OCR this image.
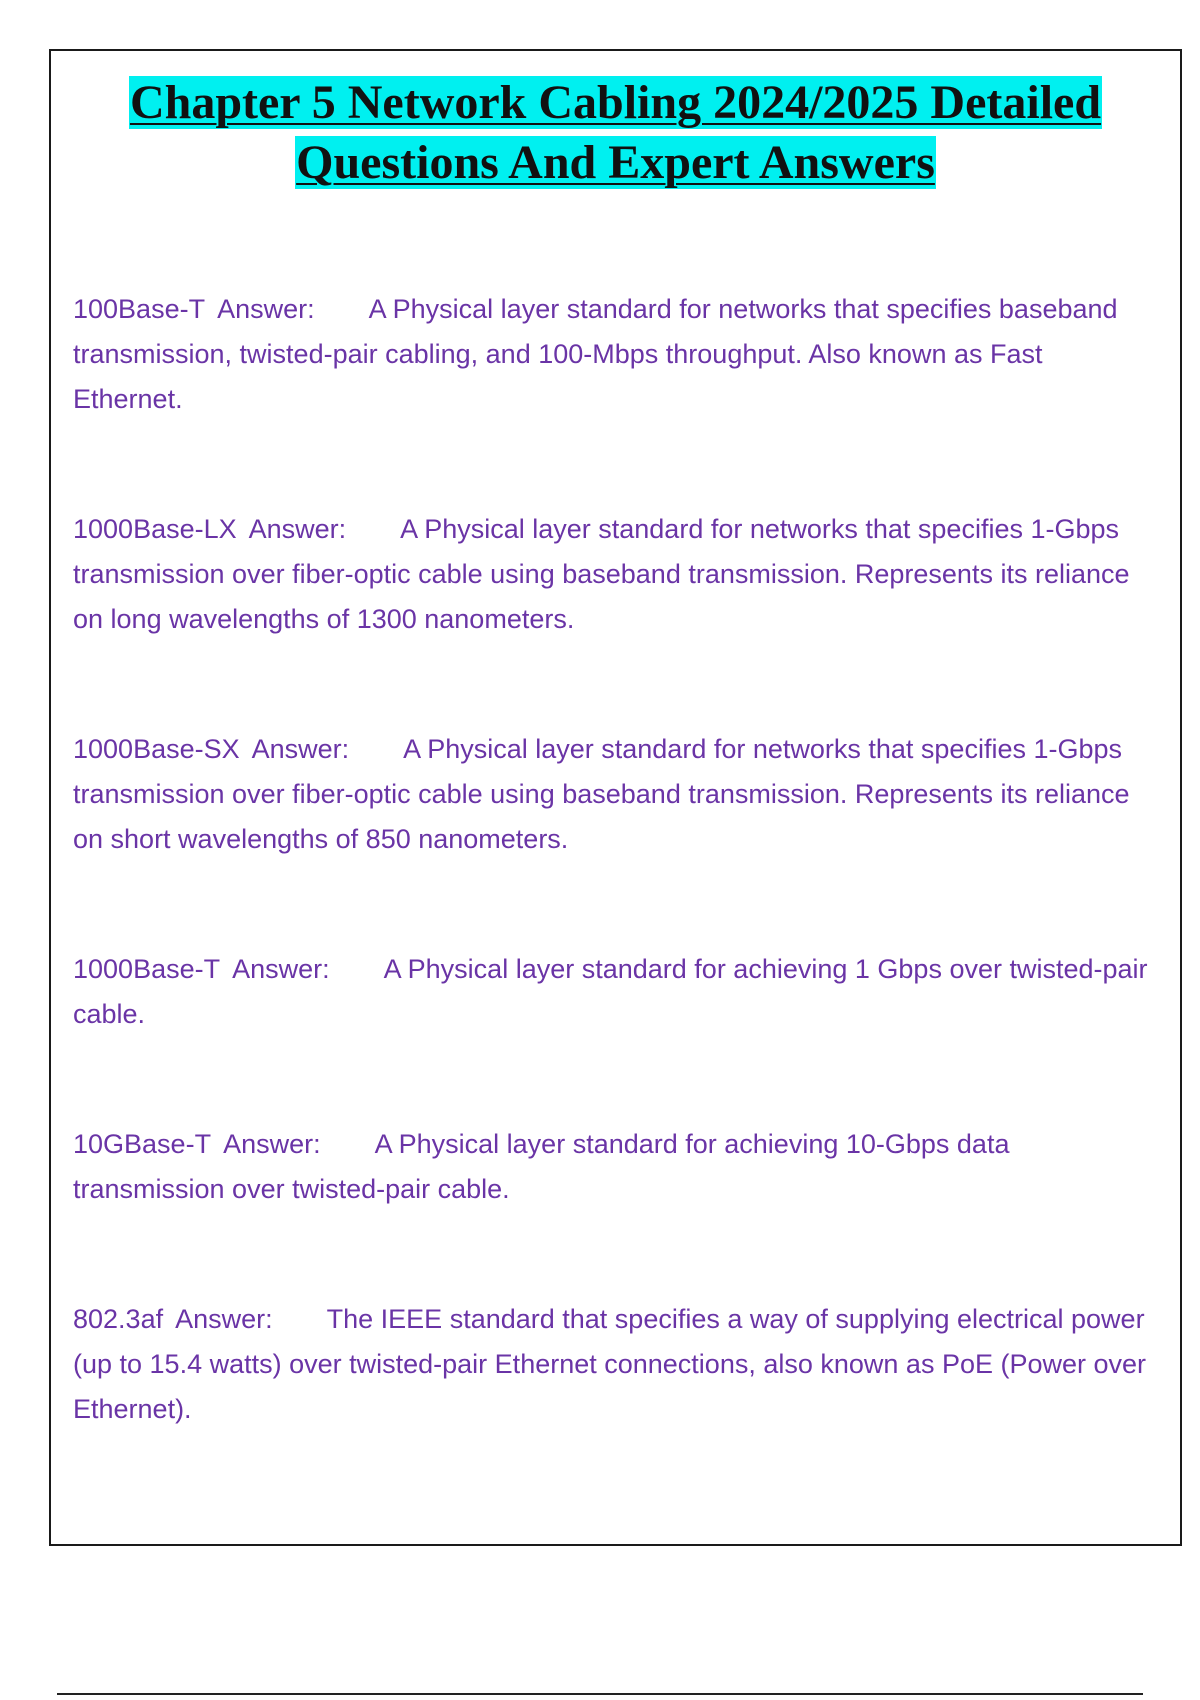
Chapter 5 Network Cabling 2024/2025 Detailed Questions And Expert Answers

100Base-T Answer: A Physical layer standard for networks that specifies baseband transmission, twisted-pair cabling, and 100-Mbps throughput. Also known as Fast Ethernet.

1000Base-LX Answer: A Physical layer standard for networks that specifies 1-Gbps transmission over fiber-optic cable using baseband transmission. Represents its reliance on long wavelengths of 1300 nanometers.

1000Base-SX Answer: A Physical layer standard for networks that specifies 1-Gbps transmission over fiber-optic cable using baseband transmission. Represents its reliance on short wavelengths of 850 nanometers.

1000Base-T Answer: A Physical layer standard for achieving 1 Gbps over twisted-pair cable.

10GBase-T Answer: A Physical layer standard for achieving 10-Gbps data transmission over twisted-pair cable.

802.3af Answer: The IEEE standard that specifies a way of supplying electrical power (up to 15.4 watts) over twisted-pair Ethernet connections, also known as PoE (Power over Ethernet).
